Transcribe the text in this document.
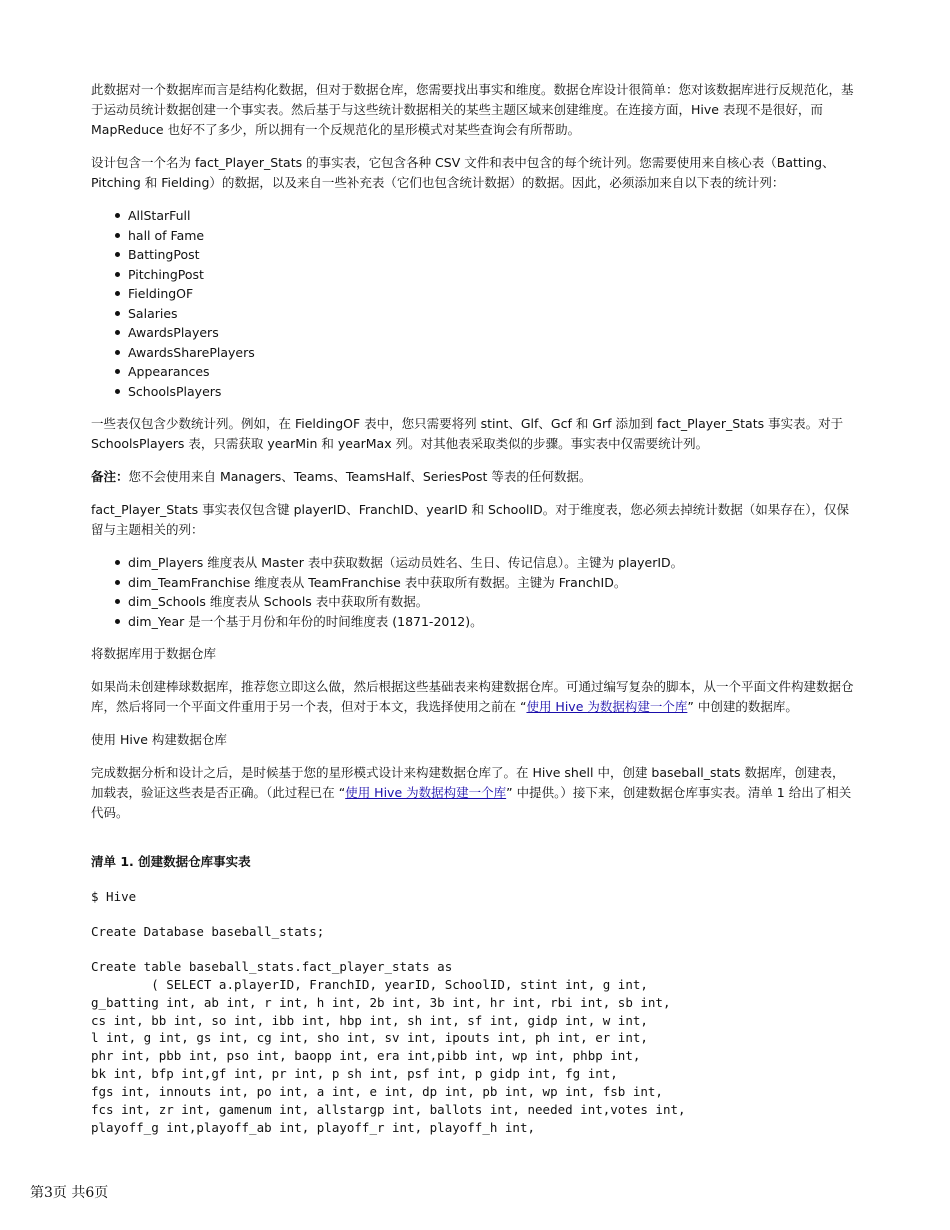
此数据对一个数据库而言是结构化数据，但对于数据仓库，您需要找出事实和维度。数据仓库设计很简单：您对该数据库进行反规范化，基于运动员统计数据创建一个事实表。然后基于与这些统计数据相关的某些主题区域来创建维度。在连接方面，Hive 表现不是很好，而 MapReduce 也好不了多少，所以拥有一个反规范化的星形模式对某些查询会有所帮助。

设计包含一个名为 fact_Player_Stats 的事实表，它包含各种 CSV 文件和表中包含的每个统计列。您需要使用来自核心表（Batting、Pitching 和 Fielding）的数据，以及来自一些补充表（它们也包含统计数据）的数据。因此，必须添加来自以下表的统计列：

AllStarFull
hall of Fame
BattingPost
PitchingPost
FieldingOF
Salaries
AwardsPlayers
AwardsSharePlayers
Appearances
SchoolsPlayers

一些表仅包含少数统计列。例如，在 FieldingOF 表中，您只需要将列 stint、Glf、Gcf 和 Grf 添加到 fact_Player_Stats 事实表。对于 SchoolsPlayers 表，只需获取 yearMin 和 yearMax 列。对其他表采取类似的步骤。事实表中仅需要统计列。

备注：您不会使用来自 Managers、Teams、TeamsHalf、SeriesPost 等表的任何数据。

fact_Player_Stats 事实表仅包含键 playerID、FranchID、yearID 和 SchoolID。对于维度表，您必须去掉统计数据（如果存在），仅保留与主题相关的列：

dim_Players 维度表从 Master 表中获取数据（运动员姓名、生日、传记信息）。主键为 playerID。
dim_TeamFranchise 维度表从 TeamFranchise 表中获取所有数据。主键为 FranchID。
dim_Schools 维度表从 Schools 表中获取所有数据。
dim_Year 是一个基于月份和年份的时间维度表 (1871-2012)。

将数据库用于数据仓库

如果尚未创建棒球数据库，推荐您立即这么做，然后根据这些基础表来构建数据仓库。可通过编写复杂的脚本，从一个平面文件构建数据仓库，然后将同一个平面文件重用于另一个表，但对于本文，我选择使用之前在 “使用 Hive 为数据构建一个库” 中创建的数据库。

使用 Hive 构建数据仓库

完成数据分析和设计之后，是时候基于您的星形模式设计来构建数据仓库了。在 Hive shell 中，创建 baseball_stats 数据库，创建表，加载表，验证这些表是否正确。（此过程已在 “使用 Hive 为数据构建一个库” 中提供。）接下来，创建数据仓库事实表。清单 1 给出了相关代码。

清单 1. 创建数据仓库事实表
$ Hive
Create Database baseball_stats;
Create table baseball_stats.fact_player_stats as
( SELECT a.playerID, FranchID, yearID, SchoolID, stint int, g int,
g_batting int, ab int, r int, h int, 2b int, 3b int, hr int, rbi int, sb int,
cs int, bb int, so int, ibb int, hbp int, sh int, sf int, gidp int, w int,
l int, g int, gs int, cg int, sho int, sv int, ipouts int, ph int, er int,
phr int, pbb int, pso int, baopp int, era int,pibb int, wp int, phbp int,
bk int, bfp int,gf int, pr int, p sh int, psf int, p gidp int, fg int,
fgs int, innouts int, po int, a int, e int, dp int, pb int, wp int, fsb int,
fcs int, zr int, gamenum int, allstargp int, ballots int, needed int,votes int,
playoff_g int,playoff_ab int, playoff_r int, playoff_h int,
第3页 共6页
